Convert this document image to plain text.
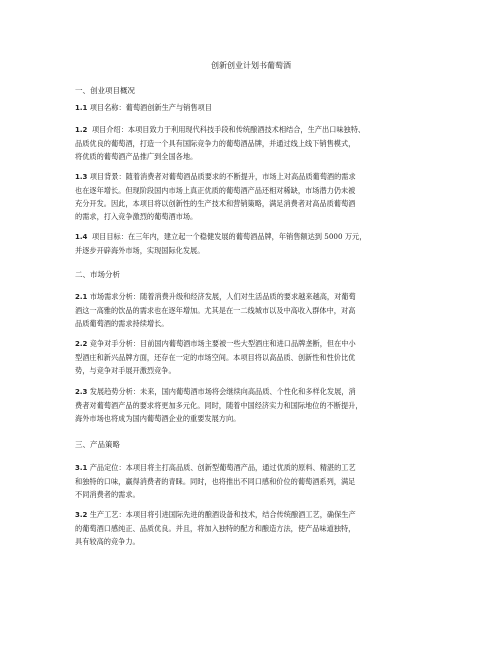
创新创业计划书葡萄酒
一、创业项目概况
1.1 项目名称：葡萄酒创新生产与销售项目
1.2 项目介绍：本项目致力于利用现代科技手段和传统酿酒技术相结合，生产出口味独特、
品质优良的葡萄酒，打造一个具有国际竞争力的葡萄酒品牌，并通过线上线下销售模式，
将优质的葡萄酒产品推广到全国各地。
1.3 项目背景：随着消费者对葡萄酒品质要求的不断提升，市场上对高品质葡萄酒的需求
也在逐年增长。但现阶段国内市场上真正优质的葡萄酒产品还相对稀缺，市场潜力仍未被
充分开发。因此，本项目将以创新性的生产技术和营销策略，满足消费者对高品质葡萄酒
的需求，打入竞争激烈的葡萄酒市场。
1.4 项目目标：在三年内，建立起一个稳健发展的葡萄酒品牌，年销售额达到 5000 万元，
并逐步开辟海外市场，实现国际化发展。
二、市场分析
2.1 市场需求分析：随着消费升级和经济发展，人们对生活品质的要求越来越高，对葡萄
酒这一高雅的饮品的需求也在逐年增加。尤其是在一二线城市以及中高收入群体中，对高
品质葡萄酒的需求持续增长。
2.2 竞争对手分析：目前国内葡萄酒市场主要被一些大型酒庄和进口品牌垄断，但在中小
型酒庄和新兴品牌方面，还存在一定的市场空间。本项目将以高品质、创新性和性价比优
势，与竞争对手展开激烈竞争。
2.3 发展趋势分析：未来，国内葡萄酒市场将会继续向高品质、个性化和多样化发展，消
费者对葡萄酒产品的要求将更加多元化。同时，随着中国经济实力和国际地位的不断提升，
海外市场也将成为国内葡萄酒企业的重要发展方向。
三、产品策略
3.1 产品定位：本项目将主打高品质、创新型葡萄酒产品，通过优质的原料、精湛的工艺
和独特的口味，赢得消费者的青睐。同时，也将推出不同口感和价位的葡萄酒系列，满足
不同消费者的需求。
3.2 生产工艺：本项目将引进国际先进的酿酒设备和技术，结合传统酿酒工艺，确保生产
的葡萄酒口感纯正、品质优良。并且，将加入独特的配方和酿造方法，使产品味道独特，
具有较高的竞争力。
